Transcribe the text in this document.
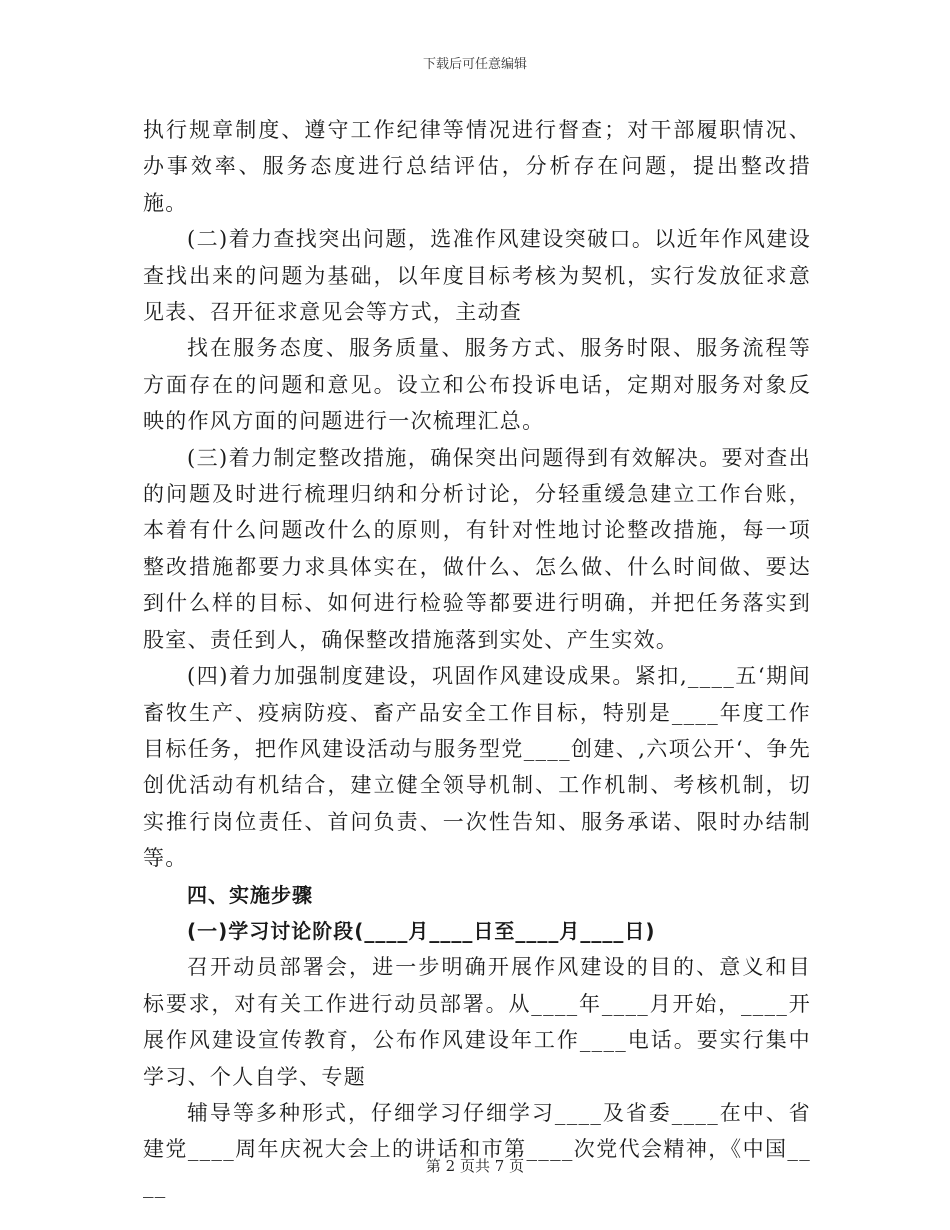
下载后可任意编辑

执行规章制度、遵守工作纪律等情况进行督查；对干部履职情况、办事效率、服务态度进行总结评估，分析存在问题，提出整改措施。

(二)着力查找突出问题，选准作风建设突破口。以近年作风建设查找出来的问题为基础，以年度目标考核为契机，实行发放征求意见表、召开征求意见会等方式，主动查

找在服务态度、服务质量、服务方式、服务时限、服务流程等方面存在的问题和意见。设立和公布投诉电话，定期对服务对象反映的作风方面的问题进行一次梳理汇总。

(三)着力制定整改措施，确保突出问题得到有效解决。要对查出的问题及时进行梳理归纳和分析讨论，分轻重缓急建立工作台账，本着有什么问题改什么的原则，有针对性地讨论整改措施，每一项整改措施都要力求具体实在，做什么、怎么做、什么时间做、要达到什么样的目标、如何进行检验等都要进行明确，并把任务落实到股室、责任到人，确保整改措施落到实处、产生实效。

(四)着力加强制度建设，巩固作风建设成果。紧扣,____五‘期间畜牧生产、疫病防疫、畜产品安全工作目标，特别是____年度工作目标任务，把作风建设活动与服务型党____创建、,六项公开‘、争先创优活动有机结合，建立健全领导机制、工作机制、考核机制，切实推行岗位责任、首问负责、一次性告知、服务承诺、限时办结制等。

四、实施步骤

(一)学习讨论阶段(____月____日至____月____日)

召开动员部署会，进一步明确开展作风建设的目的、意义和目标要求，对有关工作进行动员部署。从____年____月开始，____开展作风建设宣传教育，公布作风建设年工作____电话。要实行集中学习、个人自学、专题

辅导等多种形式，仔细学习仔细学习____及省委____在中、省建党____周年庆祝大会上的讲话和市第____次党代会精神，《中国____

第 2 页共 7 页
